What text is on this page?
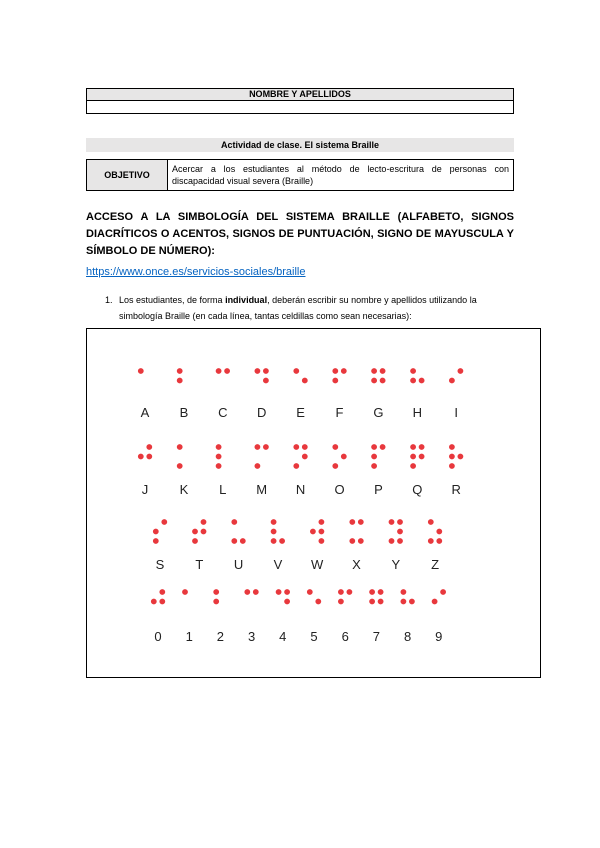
NOMBRE Y APELLIDOS

Actividad de clase. El sistema Braille
OBJETIVO	Acercar a los estudiantes al método de lecto-escritura de personas con discapacidad visual severa (Braille)

ACCESO A LA SIMBOLOGÍA DEL SISTEMA BRAILLE (ALFABETO, SIGNOS DIACRÍTICOS O ACENTOS, SIGNOS DE PUNTUACIÓN, SIGNO DE MAYUSCULA Y SÍMBOLO DE NÚMERO):

https://www.once.es/servicios-sociales/braille
1. Los estudiantes, de forma individual, deberán escribir su nombre y apellidos utilizando la simbología Braille (en cada línea, tantas celdillas como sean necesarias):
A B C D E F G H I
J K L M N O P Q R
S T U V W X Y Z
0 1 2 3 4 5 6 7 8 9
